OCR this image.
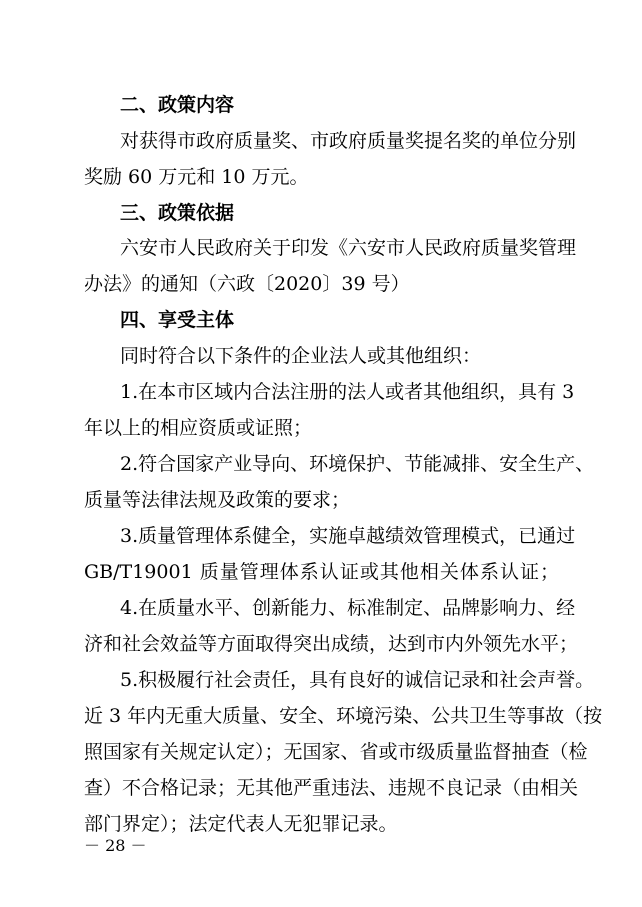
二、政策内容
对获得市政府质量奖、市政府质量奖提名奖的单位分别
奖励 60 万元和 10 万元。
三、政策依据
六安市人民政府关于印发《六安市人民政府质量奖管理
办法》的通知（六政〔2020〕39 号）
四、享受主体
同时符合以下条件的企业法人或其他组织：
1.在本市区域内合法注册的法人或者其他组织，具有 3
年以上的相应资质或证照；
2.符合国家产业导向、环境保护、节能减排、安全生产、
质量等法律法规及政策的要求；
3.质量管理体系健全，实施卓越绩效管理模式，已通过
GB/T19001 质量管理体系认证或其他相关体系认证；
4.在质量水平、创新能力、标准制定、品牌影响力、经
济和社会效益等方面取得突出成绩，达到市内外领先水平；
5.积极履行社会责任，具有良好的诚信记录和社会声誉。
近 3 年内无重大质量、安全、环境污染、公共卫生等事故（按
照国家有关规定认定）；无国家、省或市级质量监督抽查（检
查）不合格记录；无其他严重违法、违规不良记录（由相关
部门界定）；法定代表人无犯罪记录。
－ 28 －
